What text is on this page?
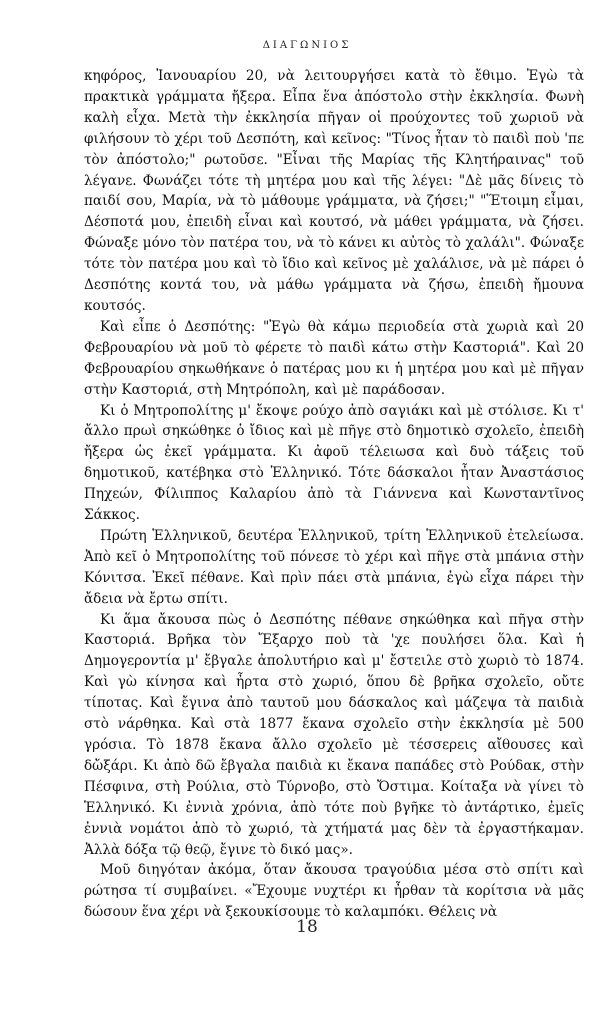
ΔΙΑΓΩΝΙΟΣ

κηφόρος, Ἰανουαρίου 20, νὰ λειτουργήσει κατὰ τὸ ἔθιμο. Ἐγὼ τὰ πρακτικὰ γράμματα ἤξερα. Εἶπα ἕνα ἀπόστολο στὴν ἐκκλησία. Φωνὴ καλὴ εἶχα. Μετὰ τὴν ἐκκλησία πῆγαν οἱ προύχοντες τοῦ χωριοῦ νὰ φιλήσουν τὸ χέρι τοῦ Δεσπότη, καὶ κεῖνος: "Τίνος ἦταν τὸ παιδὶ ποὺ 'πε τὸν ἀπόστολο;" ρωτοῦσε. "Εἶναι τῆς Μαρίας τῆς Κλητήραινας" τοῦ λέγανε. Φωνάζει τότε τὴ μητέρα μου καὶ τῆς λέγει: "Δὲ μᾶς δίνεις τὸ παιδί σου, Μαρία, νὰ τὸ μάθουμε γράμματα, νὰ ζήσει;" "Ἕτοιμη εἶμαι, Δέσποτά μου, ἐπειδὴ εἶναι καὶ κουτσό, νὰ μάθει γράμματα, νὰ ζήσει. Φώναξε μόνο τὸν πατέρα του, νὰ τὸ κάνει κι αὐτὸς τὸ χαλάλι". Φώναξε τότε τὸν πατέρα μου καὶ τὸ ἴδιο καὶ κεῖνος μὲ χαλάλισε, νὰ μὲ πάρει ὁ Δεσπότης κοντά του, νὰ μάθω γράμματα νὰ ζήσω, ἐπειδὴ ἤμουνα κουτσός.

Καὶ εἶπε ὁ Δεσπότης: "Ἐγὼ θὰ κάμω περιοδεία στὰ χωριὰ καὶ 20 Φεβρουαρίου νὰ μοῦ τὸ φέρετε τὸ παιδὶ κάτω στὴν Καστοριά". Καὶ 20 Φεβρουαρίου σηκωθήκανε ὁ πατέρας μου κι ἡ μητέρα μου καὶ μὲ πῆγαν στὴν Καστοριά, στὴ Μητρόπολη, καὶ μὲ παράδοσαν.

Κι ὁ Μητροπολίτης μ' ἔκοψε ρούχο ἀπὸ σαγιάκι καὶ μὲ στόλισε. Κι τ' ἄλλο πρωὶ σηκώθηκε ὁ ἴδιος καὶ μὲ πῆγε στὸ δημοτικὸ σχολεῖο, ἐπειδὴ ἤξερα ὡς ἐκεῖ γράμματα. Κι ἀφοῦ τέλειωσα καὶ δυὸ τάξεις τοῦ δημοτικοῦ, κατέβηκα στὸ Ἑλληνικό. Τότε δάσκαλοι ἦταν Ἀναστάσιος Πηχεών, Φίλιππος Καλαρίου ἀπὸ τὰ Γιάννενα καὶ Κωνσταντῖνος Σάκκος.

Πρώτη Ἑλληνικοῦ, δευτέρα Ἑλληνικοῦ, τρίτη Ἑλληνικοῦ ἐτελείωσα. Ἀπὸ κεῖ ὁ Μητροπολίτης τοῦ πόνεσε τὸ χέρι καὶ πῆγε στὰ μπάνια στὴν Κόνιτσα. Ἐκεῖ πέθανε. Καὶ πρὶν πάει στὰ μπάνια, ἐγὼ εἶχα πάρει τὴν ἄδεια νὰ ἔρτω σπίτι.

Κι ἅμα ἄκουσα πὼς ὁ Δεσπότης πέθανε σηκώθηκα καὶ πῆγα στὴν Καστοριά. Βρῆκα τὸν Ἔξαρχο ποὺ τὰ 'χε πουλήσει ὅλα. Καὶ ἡ Δημογεροντία μ' ἔβγαλε ἀπολυτήριο καὶ μ' ἔστειλε στὸ χωριὸ τὸ 1874. Καὶ γὼ κίνησα καὶ ἦρτα στὸ χωριό, ὅπου δὲ βρῆκα σχολεῖο, οὔτε τίποτας. Καὶ ἔγινα ἀπὸ ταυτοῦ μου δάσκαλος καὶ μάζεψα τὰ παιδιὰ στὸ νάρθηκα. Καὶ στὰ 1877 ἔκανα σχολεῖο στὴν ἐκκλησία μὲ 500 γρόσια. Τὸ 1878 ἔκανα ἄλλο σχολεῖο μὲ τέσσερεις αἴθουσες καὶ δὤξάρι. Κι ἀπὸ δῶ ἔβγαλα παιδιὰ κι ἔκανα παπάδες στὸ Ρούδακ, στὴν Πέσφινα, στὴ Ρούλια, στὸ Τύρνοβο, στὸ Ὄστιμα. Κοίταξα νὰ γίνει τὸ Ἑλληνικό. Κι ἐννιὰ χρόνια, ἀπὸ τότε ποὺ βγῆκε τὸ ἀντάρτικο, ἐμεῖς ἐννιὰ νομάτοι ἀπὸ τὸ χωριό, τὰ χτήματά μας δὲν τὰ ἐργαστήκαμαν. Ἀλλὰ δόξα τῷ θεῷ, ἔγινε τὸ δικό μας».

Μοῦ διηγόταν ἀκόμα, ὅταν ἄκουσα τραγούδια μέσα στὸ σπίτι καὶ ρώτησα τί συμβαίνει. «Ἔχουμε νυχτέρι κι ἦρθαν τὰ κορίτσια νὰ μᾶς δώσουν ἕνα χέρι νὰ ξεκουκίσουμε τὸ καλαμπόκι. Θέλεις νὰ

18
